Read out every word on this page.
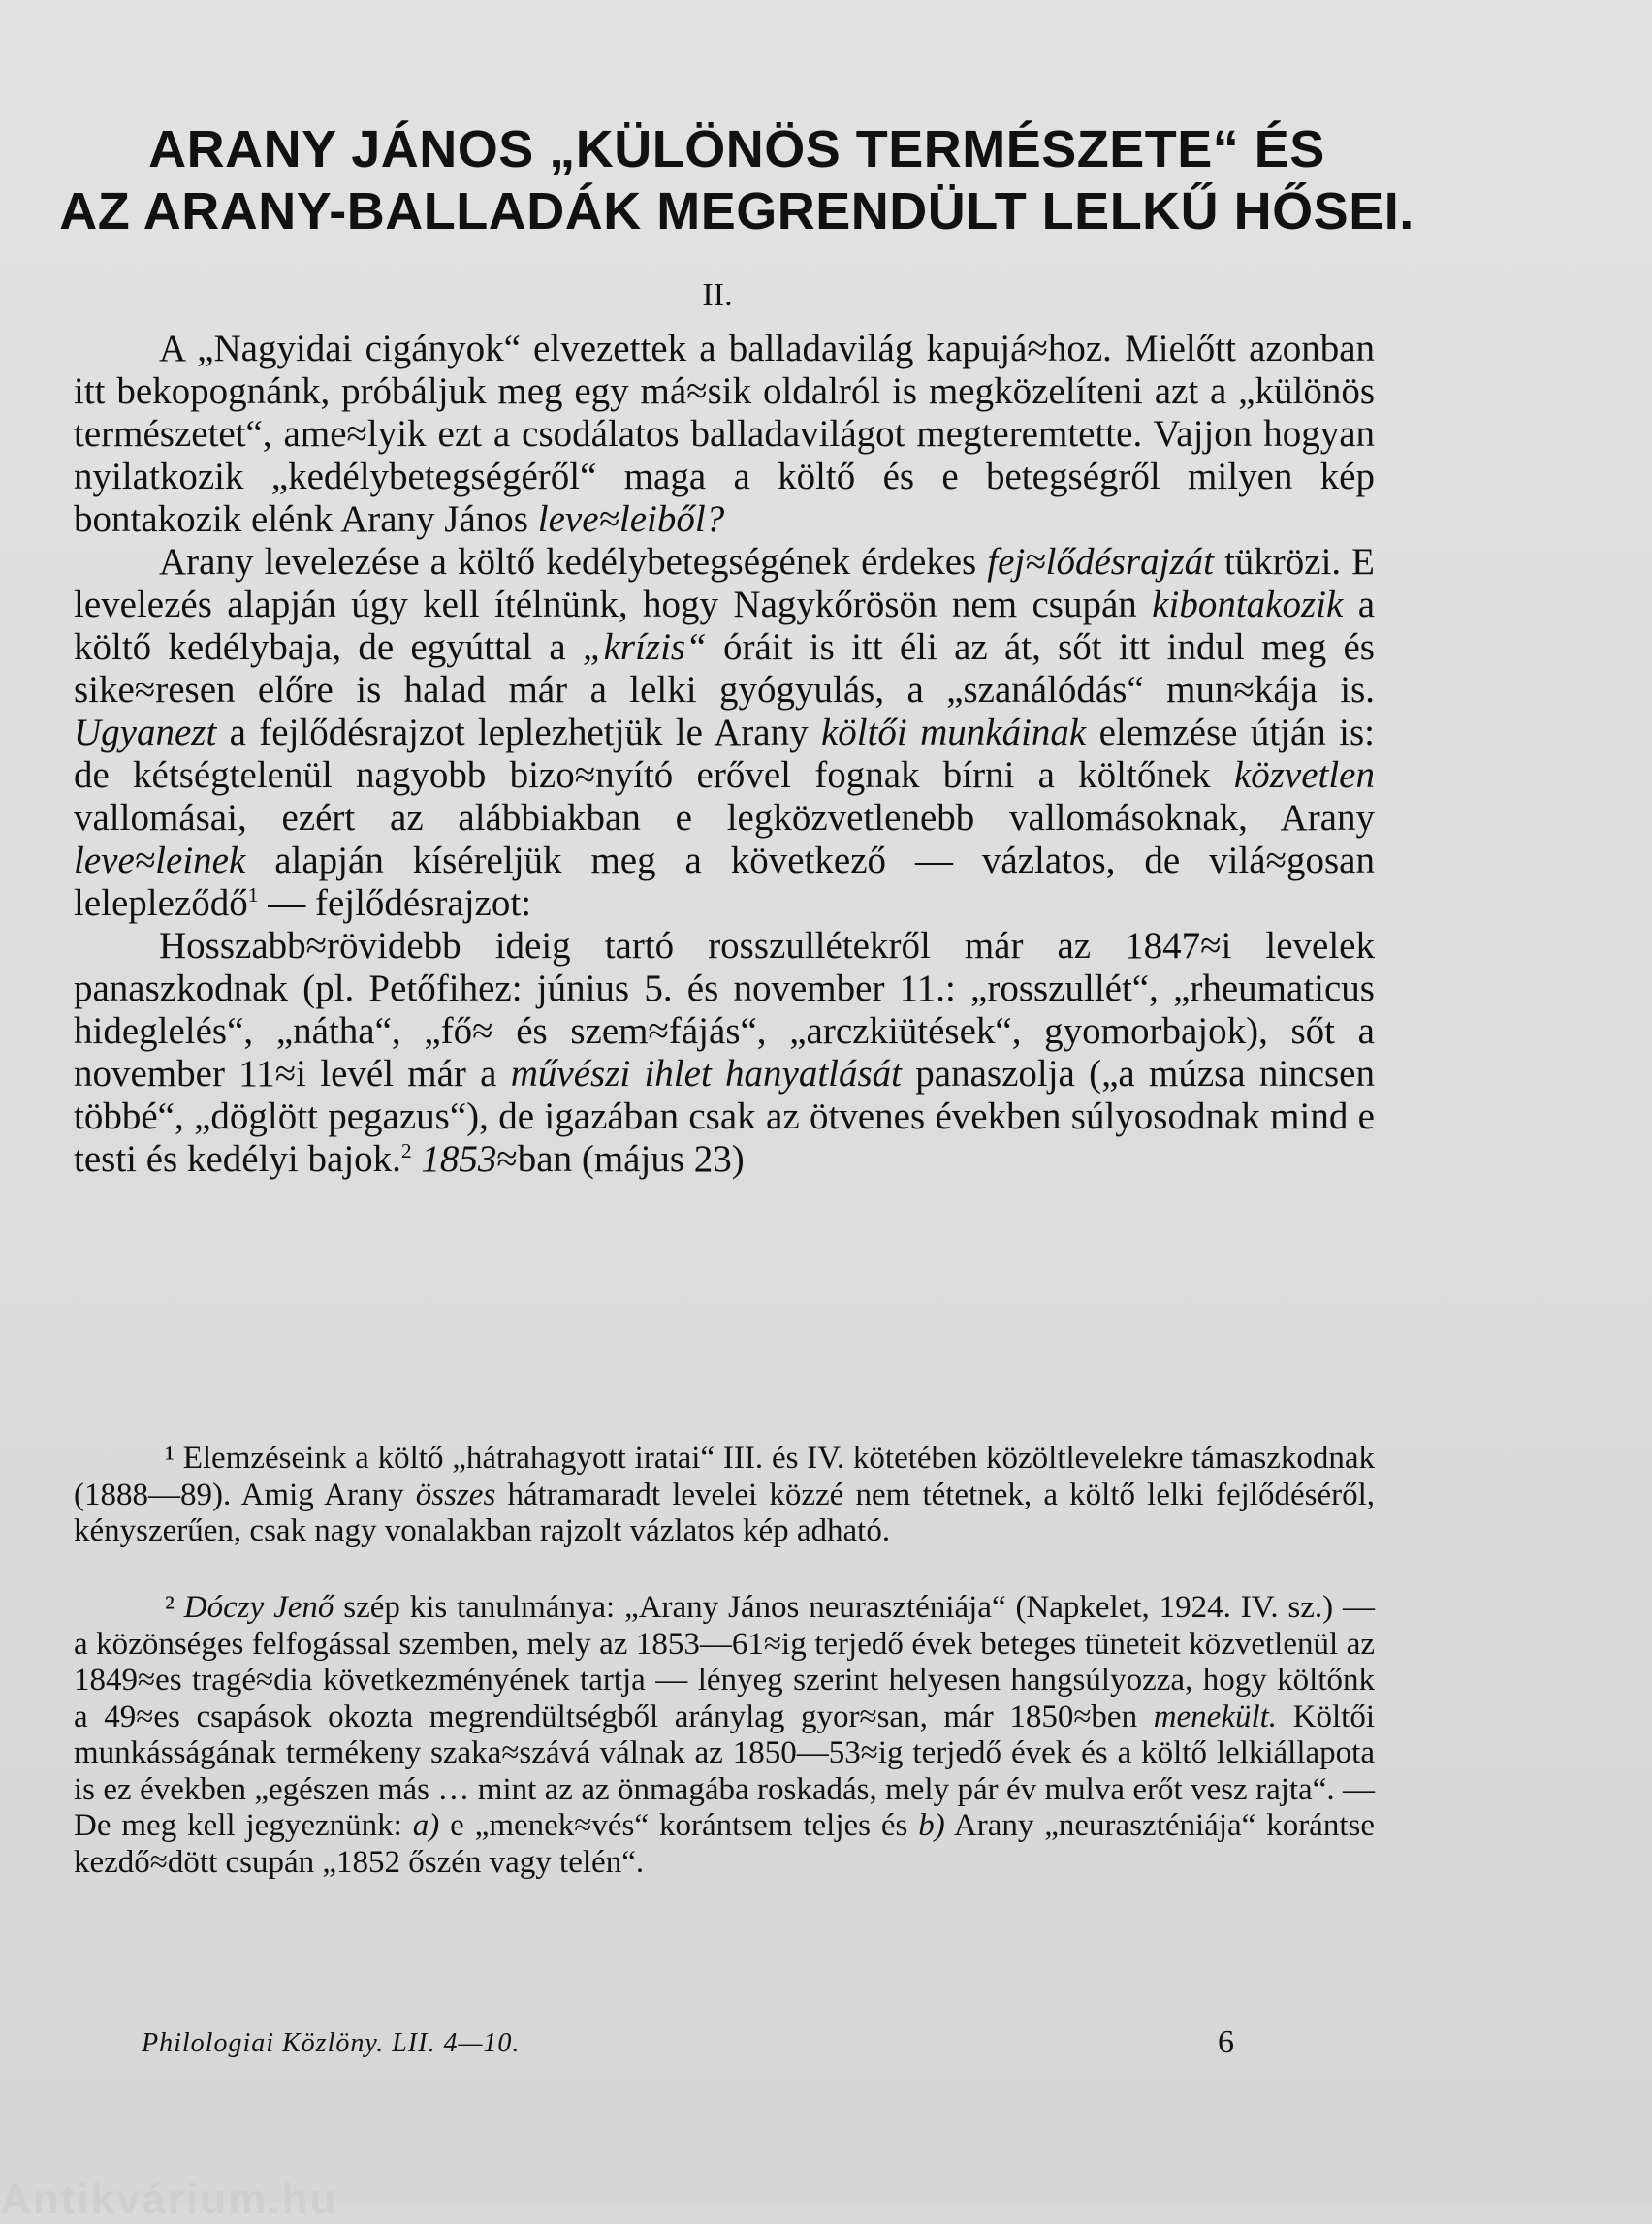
ARANY JÁNOS „KÜLÖNÖS TERMÉSZETE“ ÉS
AZ ARANY-BALLADÁK MEGRENDÜLT LELKŰ HŐSEI.
II.

A „Nagyidai cigányok“ elvezettek a balladavilág kapujá≈hoz. Mielőtt azonban itt bekopognánk, próbáljuk meg egy má≈sik oldalról is megközelíteni azt a „különös természetet“, ame≈lyik ezt a csodálatos balladavilágot megteremtette. Vajjon hogyan nyilatkozik „kedélybetegségéről“ maga a költő és e betegségről milyen kép bontakozik elénk Arany János leve≈leiből?

Arany levelezése a költő kedélybetegségének érdekes fej≈lődésrajzát tükrözi. E levelezés alapján úgy kell ítélnünk, hogy Nagykőrösön nem csupán kibontakozik a költő kedélybaja, de egyúttal a „krízis“ óráit is itt éli az át, sőt itt indul meg és sike≈resen előre is halad már a lelki gyógyulás, a „szanálódás“ mun≈kája is. Ugyanezt a fejlődésrajzot leplezhetjük le Arany költői munkáinak elemzése útján is: de kétségtelenül nagyobb bizo≈nyító erővel fognak bírni a költőnek közvetlen vallomásai, ezért az alábbiakban e legközvetlenebb vallomásoknak, Arany leve≈leinek alapján kíséreljük meg a következő — vázlatos, de vilá≈gosan lelepleződő$^1$ — fejlődésrajzot:

Hosszabb≈rövidebb ideig tartó rosszullétekről már az 1847≈i levelek panaszkodnak (pl. Petőfihez: június 5. és november 11.: „rosszullét“, „rheumaticus hideglelés“, „nátha“, „fő≈ és szem≈fájás“, „arczkiütések“, gyomorbajok), sőt a november 11≈i levél már a művészi ihlet hanyatlását panaszolja („a múzsa nincsen többé“, „döglött pegazus“), de igazában csak az ötvenes években súlyosodnak mind e testi és kedélyi bajok.$^2$ 1853≈ban (május 23)

¹ Elemzéseink a költő „hátrahagyott iratai“ III. és IV. kötetében közöltlevelekre támaszkodnak (1888—89). Amig Arany összes hátramaradt levelei közzé nem tétetnek, a költő lelki fejlődéséről, kényszerűen, csak nagy vonalakban rajzolt vázlatos kép adható.

² Dóczy Jenő szép kis tanulmánya: „Arany János neuraszténiája“ (Napkelet, 1924. IV. sz.) — a közönséges felfogással szemben, mely az 1853—61≈ig terjedő évek beteges tüneteit közvetlenül az 1849≈es tragé≈dia következményének tartja — lényeg szerint helyesen hangsúlyozza, hogy költőnk a 49≈es csapások okozta megrendültségből aránylag gyor≈san, már 1850≈ben menekült. Költői munkásságának termékeny szaka≈szává válnak az 1850—53≈ig terjedő évek és a költő lelkiállapota is ez években „egészen más … mint az az önmagába roskadás, mely pár év mulva erőt vesz rajta“. — De meg kell jegyeznünk: a) e „menek≈vés“ korántsem teljes és b) Arany „neuraszténiája“ korántse kezdő≈dött csupán „1852 őszén vagy telén“.

Philologiai Közlöny. LII. 4—10.	6
Antikvárium.hu
